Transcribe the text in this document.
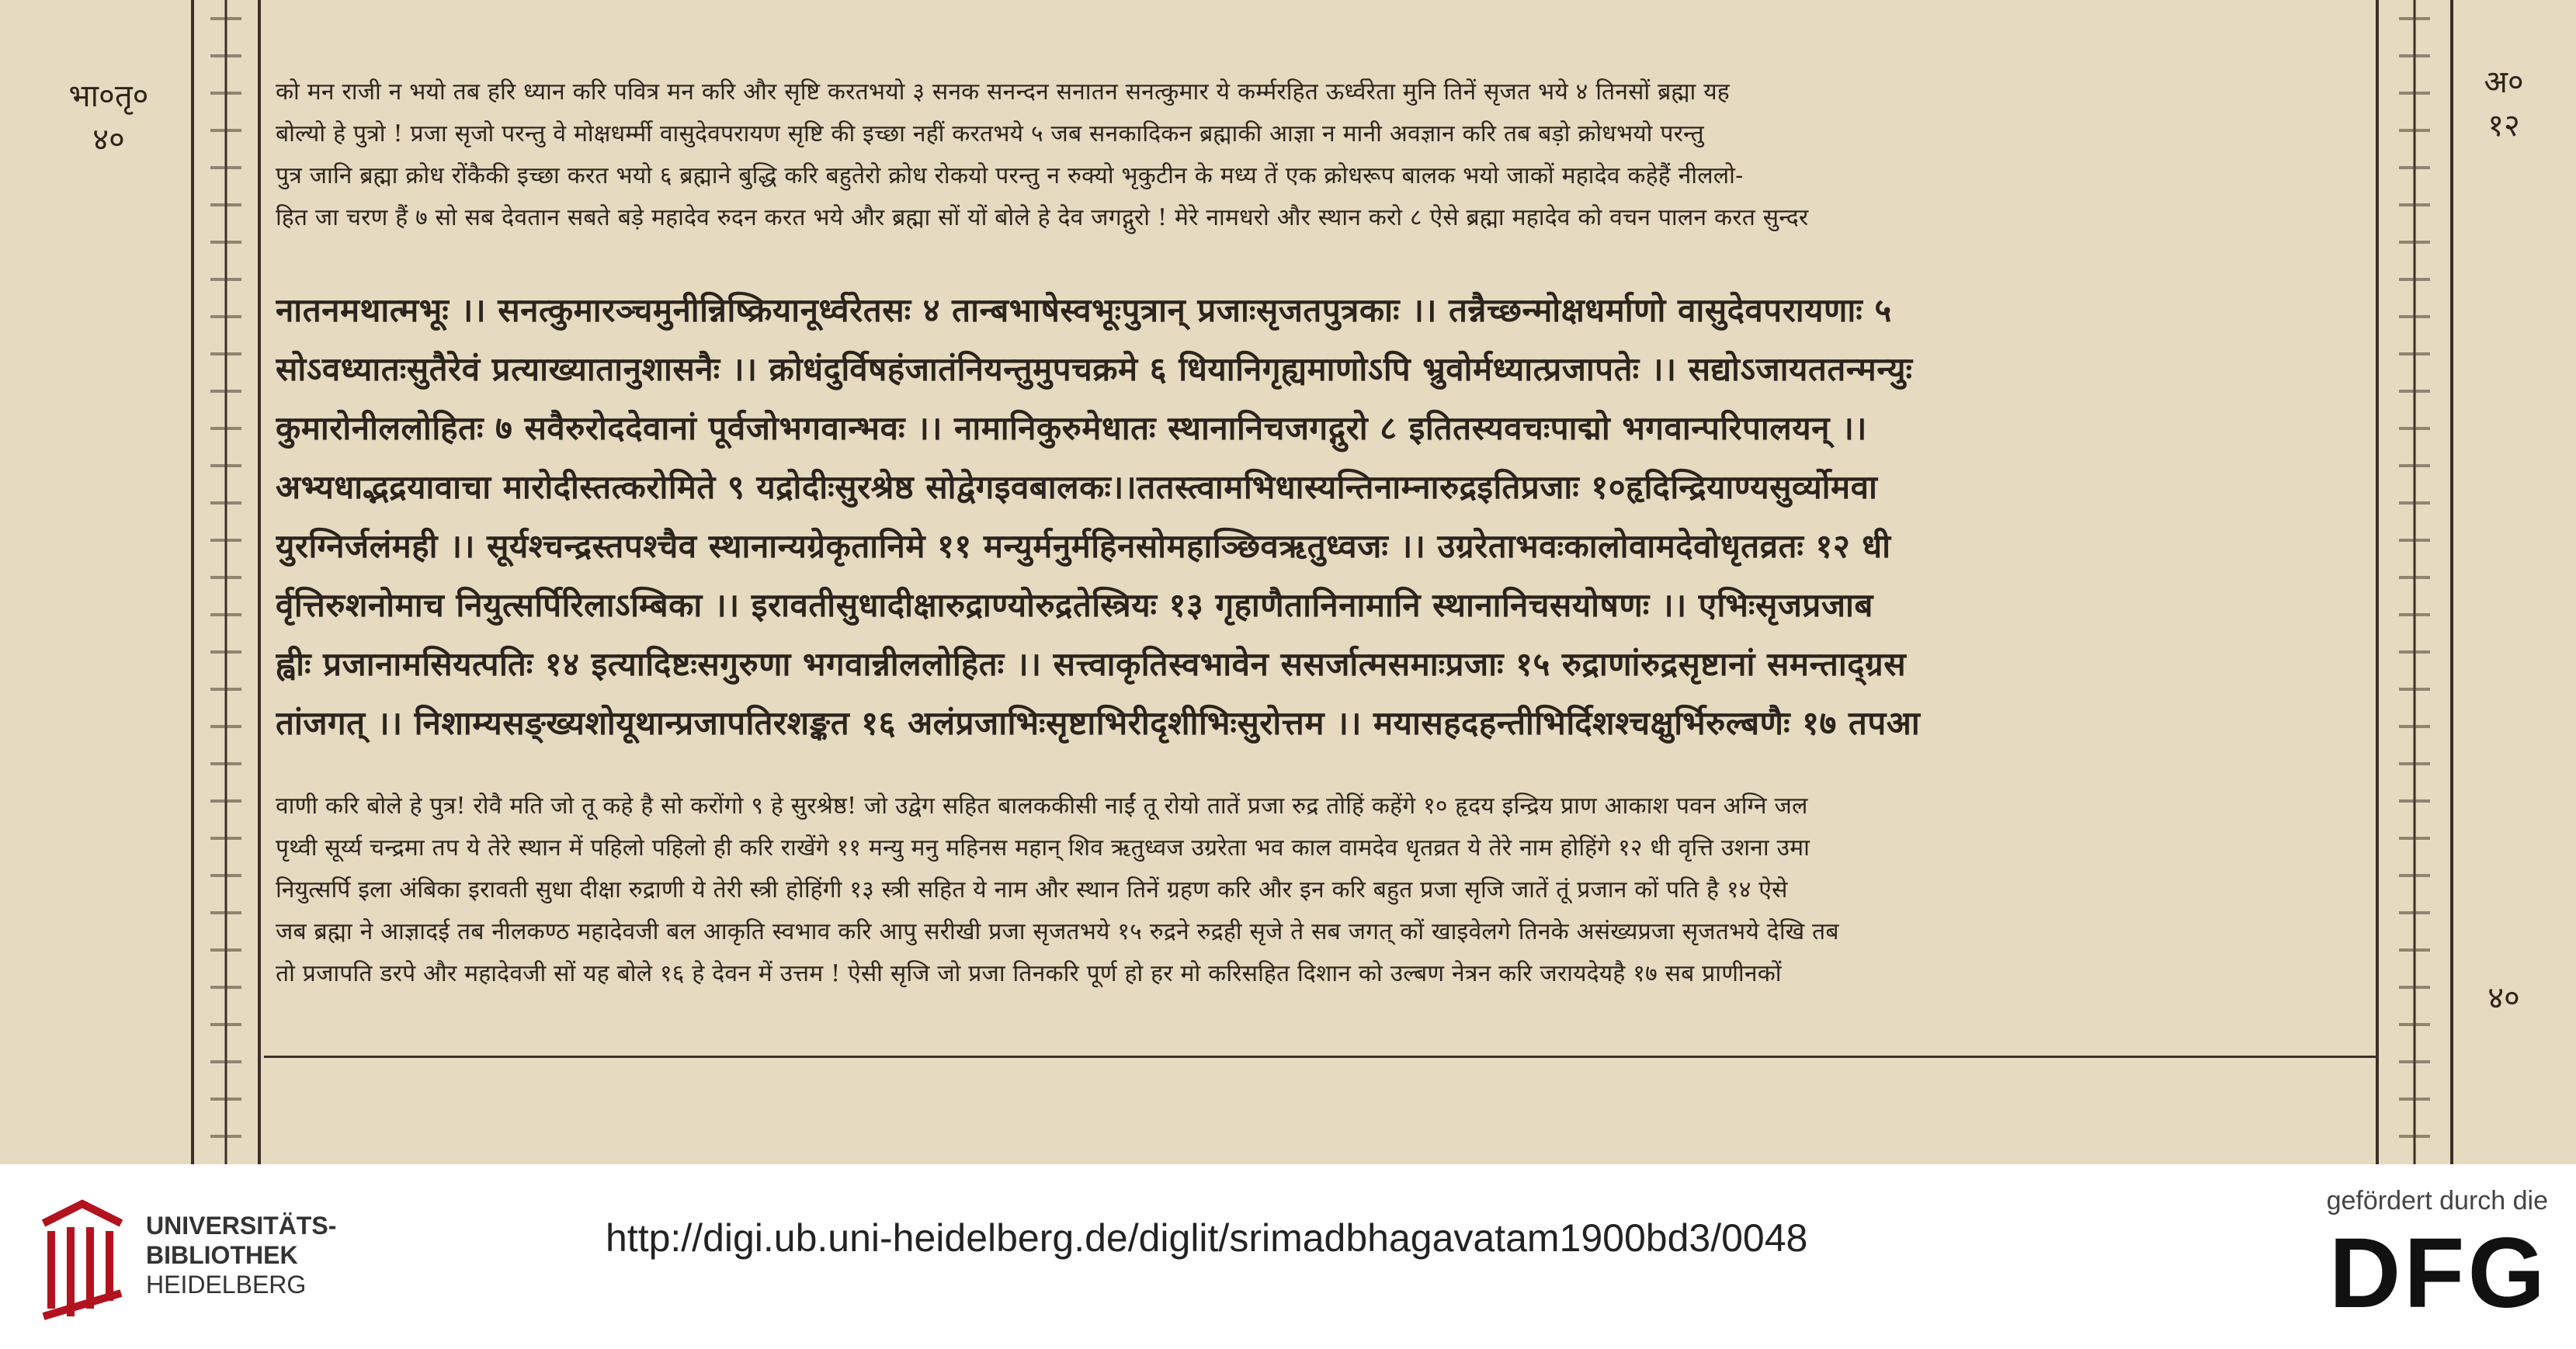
भा०तृ०
४०
अ०
१२
४०
को मन राजी न भयो तब हरि ध्यान करि पवित्र मन करि और सृष्टि करतभयो ३ सनक सनन्दन सनातन सनत्कुमार ये कर्म्मरहित ऊर्ध्वरेता मुनि तिनें सृजत भये ४ तिनसों ब्रह्मा यह
बोल्यो हे पुत्रो ! प्रजा सृजो परन्तु वे मोक्षधर्म्मी वासुदेवपरायण सृष्टि की इच्छा नहीं करतभये ५ जब सनकादिकन ब्रह्माकी आज्ञा न मानी अवज्ञान करि तब बड़ो क्रोधभयो परन्तु
पुत्र जानि ब्रह्मा क्रोध रोंकैकी इच्छा करत भयो ६ ब्रह्माने बुद्धि करि बहुतेरो क्रोध रोकयो परन्तु न रुक्यो भृकुटीन के मध्य तें एक क्रोधरूप बालक भयो जाकों महादेव कहेहैं नीललो-
हित जा चरण हैं ७ सो सब देवतान सबते बड़े महादेव रुदन करत भये और ब्रह्मा सों यों बोले हे देव जगद्गुरो ! मेरे नामधरो और स्थान करो ८ ऐसे ब्रह्मा महादेव को वचन पालन करत सुन्दर
नातनमथात्मभूः ।। सनत्कुमारञ्चमुनीन्निष्क्रियानूर्ध्वरेतसः ४ तान्बभाषेस्वभूःपुत्रान् प्रजाःसृजतपुत्रकाः ।। तन्नैच्छन्मोक्षधर्माणो वासुदेवपरायणाः ५
सोऽवध्यातःसुतैरेवं प्रत्याख्यातानुशासनैः ।। क्रोधंदुर्विषहंजातंनियन्तुमुपचक्रमे ६ धियानिगृह्यमाणोऽपि भ्रुवोर्मध्यात्प्रजापतेः ।। सद्योऽजायततन्मन्युः
कुमारोनीललोहितः ७ सवैरुरोददेवानां पूर्वजोभगवान्भवः ।। नामानिकुरुमेधातः स्थानानिचजगद्गुरो ८ इतितस्यवचःपाद्मो भगवान्परिपालयन् ।।
अभ्यधाद्भद्रयावाचा मारोदीस्तत्करोमिते ९ यद्रोदीःसुरश्रेष्ठ सोद्वेगइवबालकः।।ततस्त्वामभिधास्यन्तिनाम्नारुद्रइतिप्रजाः १०हृदिन्द्रियाण्यसुर्व्योमवा
युरग्निर्जलंमही ।। सूर्यश्चन्द्रस्तपश्चैव स्थानान्यग्रेकृतानिमे ११ मन्युर्मनुर्महिनसोमहाञ्छिवऋतुध्वजः ।। उग्ररेताभवःकालोवामदेवोधृतव्रतः १२ धी
र्वृत्तिरुशनोमाच नियुत्सर्पिरिलाऽम्बिका ।। इरावतीसुधादीक्षारुद्राण्योरुद्रतेस्त्रियः १३ गृहाणैतानिनामानि स्थानानिचसयोषणः ।। एभिःसृजप्रजाब
ह्वीः प्रजानामसियत्पतिः १४ इत्यादिष्टःसगुरुणा भगवान्नीललोहितः ।। सत्त्वाकृतिस्वभावेन ससर्जात्मसमाःप्रजाः १५ रुद्राणांरुद्रसृष्टानां समन्ताद्ग्रस
तांजगत् ।। निशाम्यसङ्ख्यशोयूथान्प्रजापतिरशङ्कत १६ अलंप्रजाभिःसृष्टाभिरीदृशीभिःसुरोत्तम ।। मयासहदहन्तीभिर्दिशश्चक्षुर्भिरुल्बणैः १७ तपआ
वाणी करि बोले हे पुत्र! रोवै मति जो तू कहे है सो करोंगो ९ हे सुरश्रेष्ठ! जो उद्वेग सहित बालककीसी नाईं तू रोयो तातें प्रजा रुद्र तोहिं कहेंगे १० हृदय इन्द्रिय प्राण आकाश पवन अग्नि जल
पृथ्वी सूर्य्य चन्द्रमा तप ये तेरे स्थान में पहिलो पहिलो ही करि राखेंगे ११ मन्यु मनु महिनस महान् शिव ऋतुध्वज उग्ररेता भव काल वामदेव धृतव्रत ये तेरे नाम होहिंगे १२ धी वृत्ति उशना उमा
नियुत्सर्पि इला अंबिका इरावती सुधा दीक्षा रुद्राणी ये तेरी स्त्री होहिंगी १३ स्त्री सहित ये नाम और स्थान तिनें ग्रहण करि और इन करि बहुत प्रजा सृजि जातें तूं प्रजान कों पति है १४ ऐसे
जब ब्रह्मा ने आज्ञादई तब नीलकण्ठ महादेवजी बल आकृति स्वभाव करि आपु सरीखी प्रजा सृजतभये १५ रुद्रने रुद्रही सृजे ते सब जगत् कों खाइवेलगे तिनके असंख्यप्रजा सृजतभये देखि तब
तो प्रजापति डरपे और महादेवजी सों यह बोले १६ हे देवन में उत्तम ! ऐसी सृजि जो प्रजा तिनकरि पूर्ण हो हर मो करिसहित दिशान को उल्बण नेत्रन करि जरायदेयहै १७ सब प्राणीनकों
UNIVERSITÄTS-
BIBLIOTHEK
HEIDELBERG
http://digi.ub.uni-heidelberg.de/diglit/srimadbhagavatam1900bd3/0048
gefördert durch die
DFG
